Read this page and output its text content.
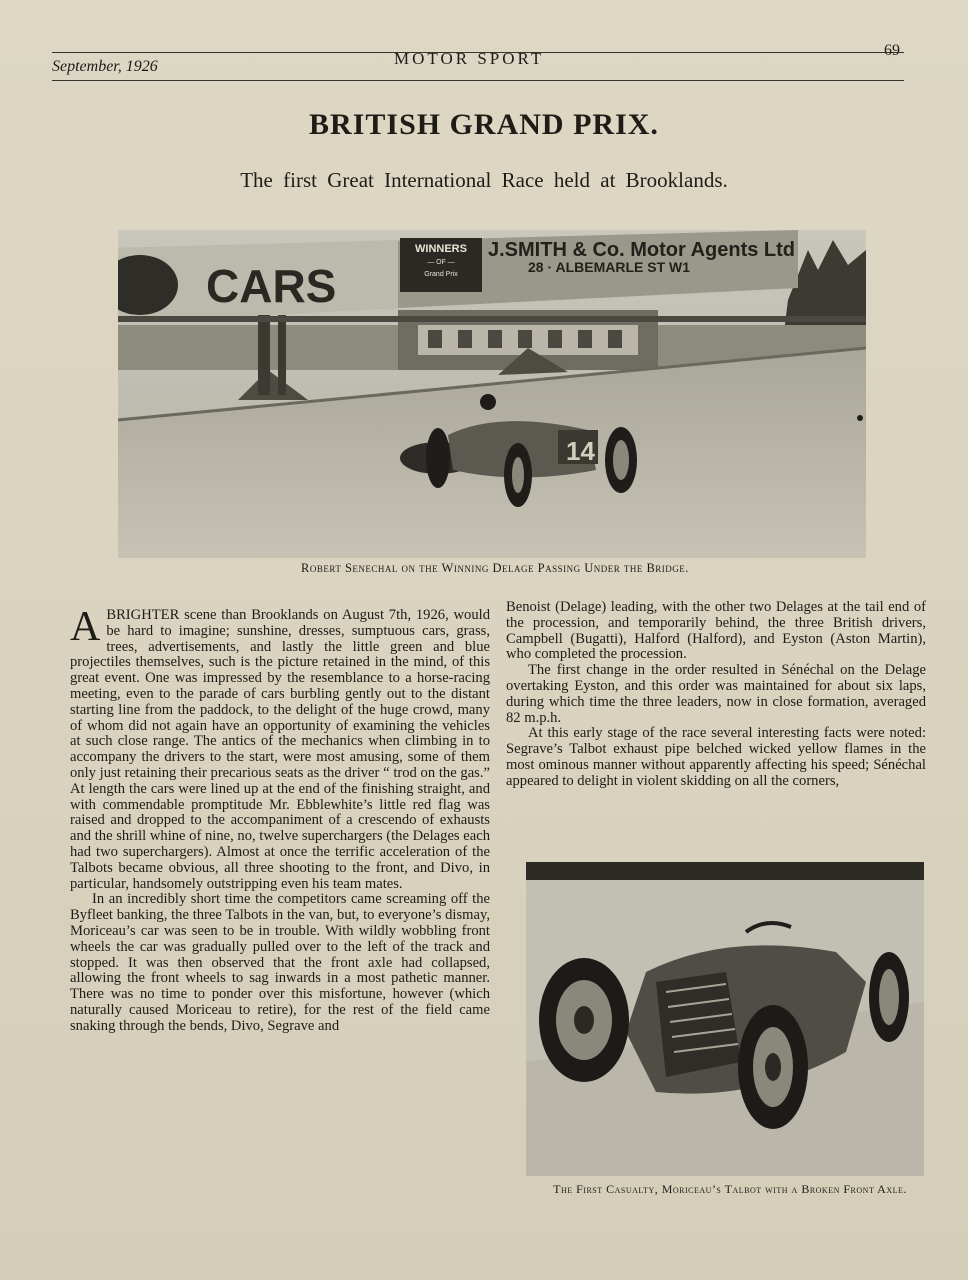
September, 1926	MOTOR SPORT	69
BRITISH GRAND PRIX.
The first Great International Race held at Brooklands.
CARS
WINNERS
— OF —
Grand Prix
J.SMITH & Co. Motor Agents Ltd
28 · ALBEMARLE ST W1
14
Robert Senechal on the Winning Delage Passing Under the Bridge.

ABRIGHTER scene than Brooklands on August 7th, 1926, would be hard to imagine; sunshine, dresses, sumptuous cars, grass, trees, advertisements, and lastly the little green and blue projectiles themselves, such is the picture retained in the mind, of this great event. One was impressed by the resemblance to a horse-racing meeting, even to the parade of cars burbling gently out to the distant starting line from the paddock, to the delight of the huge crowd, many of whom did not again have an opportunity of examining the vehicles at such close range. The antics of the mechanics when climbing in to accompany the drivers to the start, were most amusing, some of them only just retaining their precarious seats as the driver “ trod on the gas.” At length the cars were lined up at the end of the finishing straight, and with commendable promptitude Mr. Ebblewhite’s little red flag was raised and dropped to the accompaniment of a crescendo of exhausts and the shrill whine of nine, no, twelve superchargers (the Delages each had two superchargers). Almost at once the terrific acceleration of the Talbots became obvious, all three shooting to the front, and Divo, in particular, handsomely outstripping even his team mates.

In an incredibly short time the competitors came screaming off the Byfleet banking, the three Talbots in the van, but, to everyone’s dismay, Moriceau’s car was seen to be in trouble. With wildly wobbling front wheels the car was gradually pulled over to the left of the track and stopped. It was then observed that the front axle had collapsed, allowing the front wheels to sag inwards in a most pathetic manner. There was no time to ponder over this misfortune, however (which naturally caused Moriceau to retire), for the rest of the field came snaking through the bends, Divo, Segrave and

Benoist (Delage) leading, with the other two Delages at the tail end of the procession, and temporarily behind, the three British drivers, Campbell (Bugatti), Halford (Halford), and Eyston (Aston Martin), who completed the procession.

The first change in the order resulted in Sénéchal on the Delage overtaking Eyston, and this order was maintained for about six laps, during which time the three leaders, now in close formation, averaged 82 m.p.h.

At this early stage of the race several interesting facts were noted: Segrave’s Talbot exhaust pipe belched wicked yellow flames in the most ominous manner without apparently affecting his speed; Sénéchal appeared to delight in violent skidding on all the corners,

The First Casualty, Moriceau’s Talbot with a Broken Front Axle.
